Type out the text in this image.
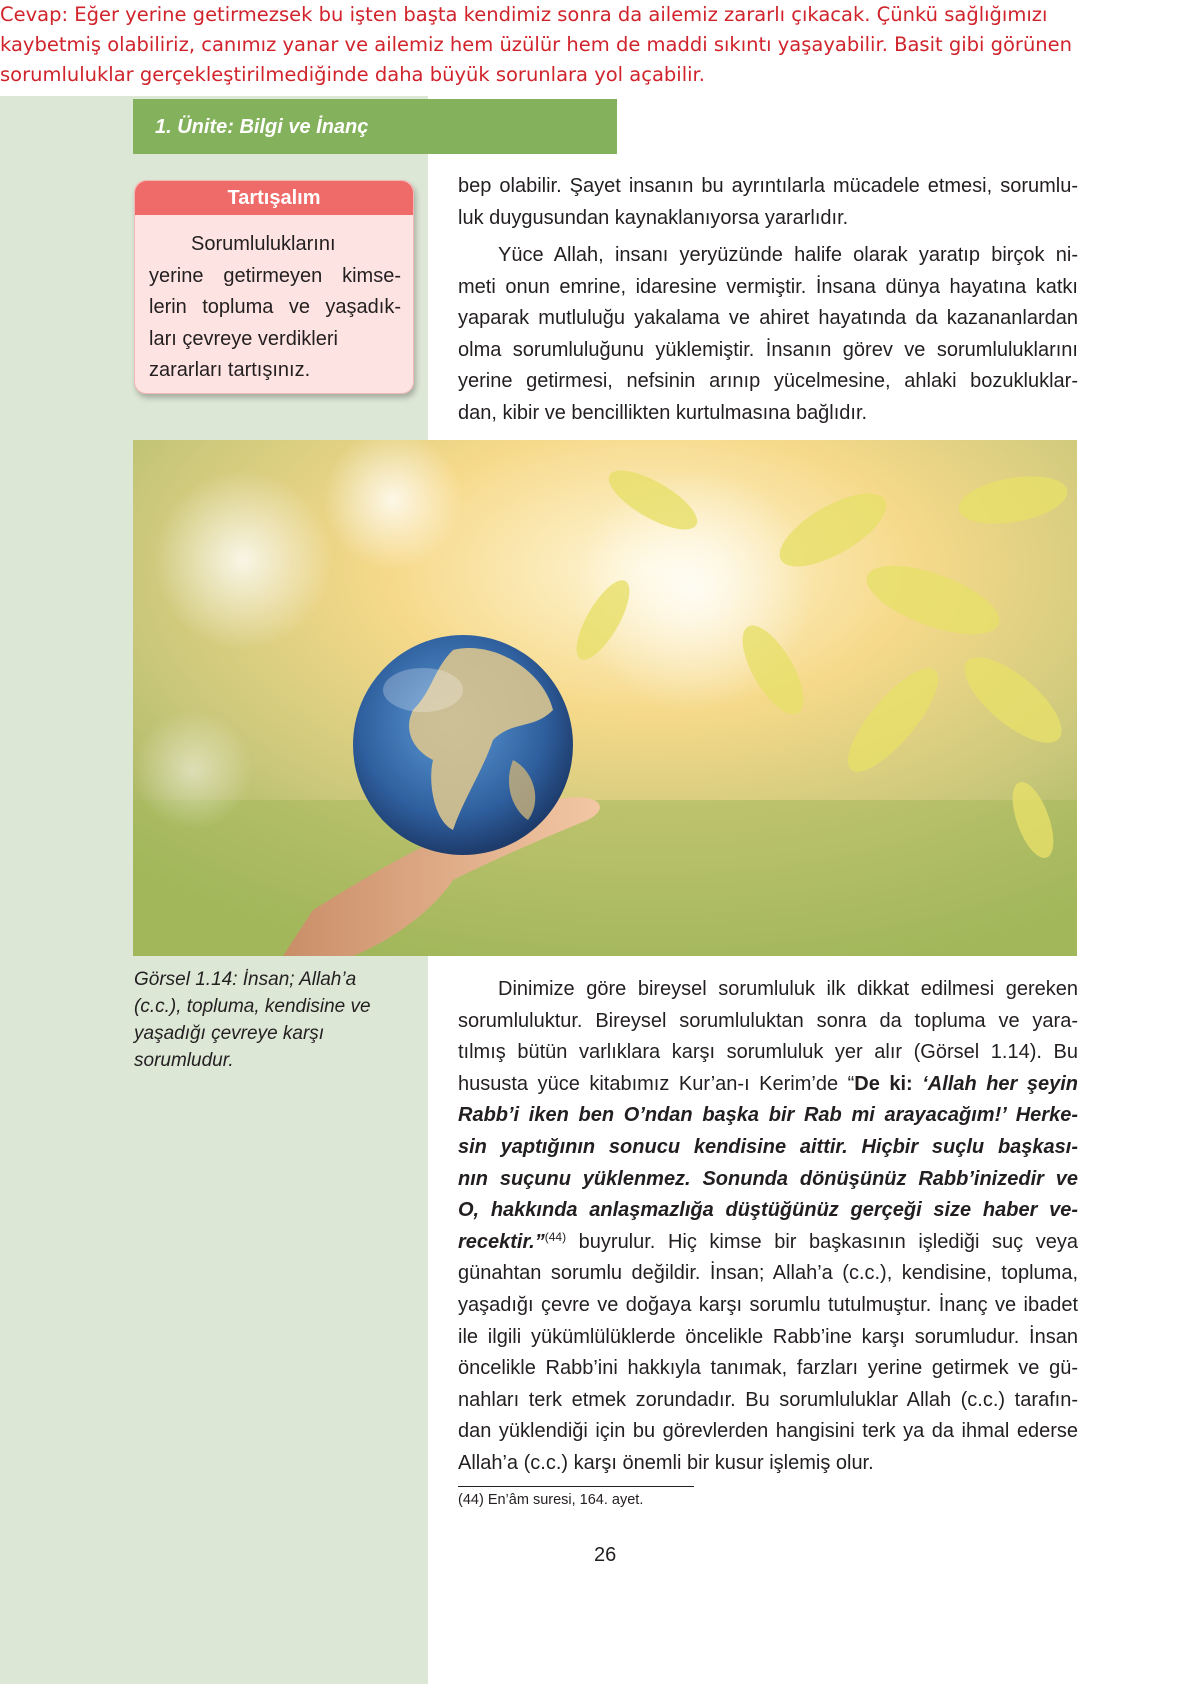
Cevap: Eğer yerine getirmezsek bu işten başta kendimiz sonra da ailemiz zararlı çıkacak. Çünkü sağlığımızı
kaybetmiş olabiliriz, canımız yanar ve ailemiz hem üzülür hem de maddi sıkıntı yaşayabilir. Basit gibi görünen
sorumluluklar gerçekleştirilmediğinde daha büyük sorunlara yol açabilir.
1. Ünite: Bilgi ve İnanç
Tartışalım
Sorumluluklarını
yerine getirmeyen kimse-
lerin topluma ve yaşadık-
ları çevreye verdikleri
zararları tartışınız.
bep olabilir. Şayet insanın bu ayrıntılarla mücadele etmesi, sorumlu-
luk duygusundan kaynaklanıyorsa yararlıdır.
Yüce Allah, insanı yeryüzünde halife olarak yaratıp birçok ni-
meti onun emrine, idaresine vermiştir. İnsana dünya hayatına katkı
yaparak mutluluğu yakalama ve ahiret hayatında da kazananlardan
olma sorumluluğunu yüklemiştir. İnsanın görev ve sorumluluklarını
yerine getirmesi, nefsinin arınıp yücelmesine, ahlaki bozukluklar-
dan, kibir ve bencillikten kurtulmasına bağlıdır.
Görsel 1.14: İnsan; Allah’a
(c.c.), topluma, kendisine ve
yaşadığı çevreye karşı
sorumludur.
Dinimize göre bireysel sorumluluk ilk dikkat edilmesi gereken
sorumluluktur. Bireysel sorumluluktan sonra da topluma ve yara-
tılmış bütün varlıklara karşı sorumluluk yer alır (Görsel 1.14). Bu
hususta yüce kitabımız Kur’an-ı Kerim’de “De ki: ‘Allah her şeyin
Rabb’i iken ben O’ndan başka bir Rab mi arayacağım!’ Herke-
sin yaptığının sonucu kendisine aittir. Hiçbir suçlu başkası-
nın suçunu yüklenmez. Sonunda dönüşünüz Rabb’inizedir ve
O, hakkında anlaşmazlığa düştüğünüz gerçeği size haber ve-
recektir.”$^{(44)}$ buyrulur. Hiç kimse bir başkasının işlediği suç veya
günahtan sorumlu değildir. İnsan; Allah’a (c.c.), kendisine, topluma,
yaşadığı çevre ve doğaya karşı sorumlu tutulmuştur. İnanç ve ibadet
ile ilgili yükümlülüklerde öncelikle Rabb’ine karşı sorumludur. İnsan
öncelikle Rabb’ini hakkıyla tanımak, farzları yerine getirmek ve gü-
nahları terk etmek zorundadır. Bu sorumluluklar Allah (c.c.) tarafın-
dan yüklendiği için bu görevlerden hangisini terk ya da ihmal ederse
Allah’a (c.c.) karşı önemli bir kusur işlemiş olur.
(44) En’âm suresi, 164. ayet.
26
